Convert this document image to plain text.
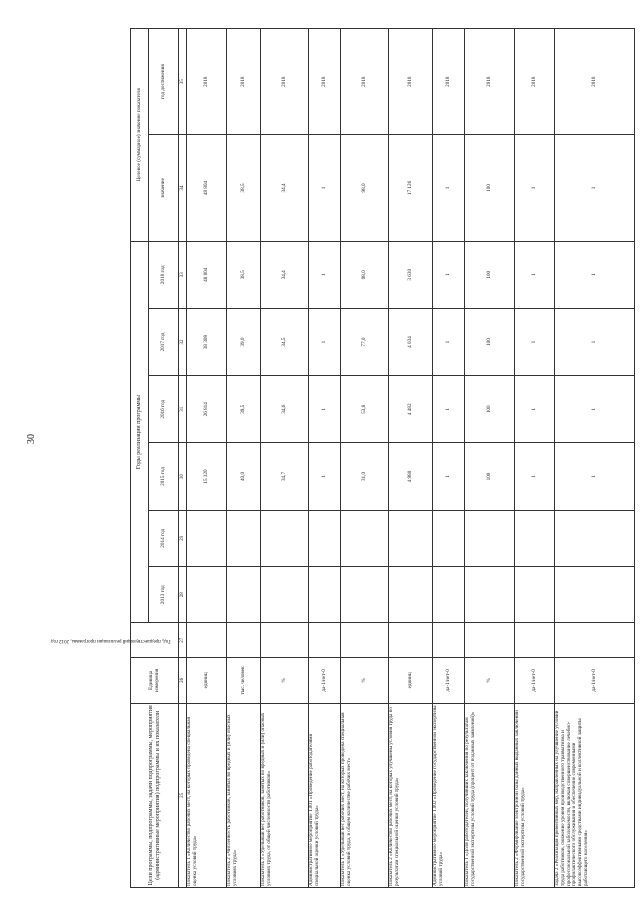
30
Цели программы, подпрограммы, задачи подпрограммы, мероприятия (административные мероприятия) подпрограммы и их показатели	Единица измерения	Год, предшествующий реализации программы, 2012 год	Годы реализации программы						Целевое (суммарное) значение показателя	
			2013 год	2014 год	2015 год	2016 год	2017 год	2018 год	значение	год достижения
25	26	27	28	29	30	31	32	33	34	35
Показатель 1 «Количество рабочих мест, на которых проведена специальная оценка условий труда»	единиц				15 320	26 814	38 308	48 804	48 804	2018
Показатель 2 «Численность работников, занятых во вредных и (или) опасных условиях труда»	тыс. человек				40,0	39,5	39,0	38,5	38,5	2018
Показатель 3 «Удельный вес работников, занятых во вредных и (или) опасных условиях труда, от общей численности работников»	%				34,7	34,6	34,5	34,4	34,4	2018
Административное мероприятие 1.001 «Проведение работодателями специальной оценки условий труда»	да-1/нет-0				1	1	1	1	1	2018
Показатель 1 «Удельный вес рабочих мест, на которых проведена специальная оценка условий труда, в общем количестве рабочих мест»	%				31,0	53,8	77,0	98,0	98,0	2018
Показатель 2 «Количество рабочих мест, на которых улучшены условия труда по результатам специальной оценки условий труда»	единиц				4 980	4 482	4 034	3 630	17 126	2018
Административное мероприятие 1.002 «Проведение государственной экспертизы условий труда»	да-1/нет-0				1	1	1	1	1	2018
Показатель 1 «Доля работодателей, получивших заключения по результатам государственной экспертизы условий труда (процент от поданных заявлений)»	%				100	100	100	100	100	2018
Показатель 2 «Формирование электронной базы данных выданных заключений государственной экспертизы условий труда»	да-1/нет-0				1	1	1	1	1	2018
Задача 2 «Реализация превентивных мер, направленных на улучшение условий труда работников, снижение уровня производственного травматизма и профессиональной заболеваемости, включая совершенствование лечебно-профилактического обслуживания и обеспечение современными высокоэффективными средствами индивидуальной и коллективной защиты работающего населения»	да-1/нет-0				1	1	1	1	1	2018
